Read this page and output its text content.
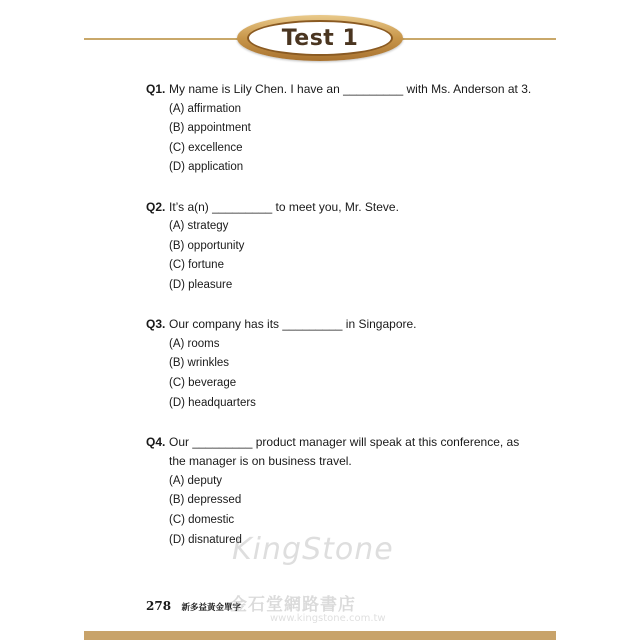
Test 1
Q1. My name is Lily Chen. I have an _________ with Ms. Anderson at 3.
(A) affirmation
(B) appointment
(C) excellence
(D) application
Q2. It’s a(n) _________ to meet you, Mr. Steve.
(A) strategy
(B) opportunity
(C) fortune
(D) pleasure
Q3. Our company has its _________ in Singapore.
(A) rooms
(B) wrinkles
(C) beverage
(D) headquarters
Q4. Our _________ product manager will speak at this conference, as
the manager is on business travel.
(A) deputy
(B) depressed
(C) domestic
(D) disnatured
KingStone
金石堂網路書店
www.kingstone.com.tw
278 新多益黃金單字
